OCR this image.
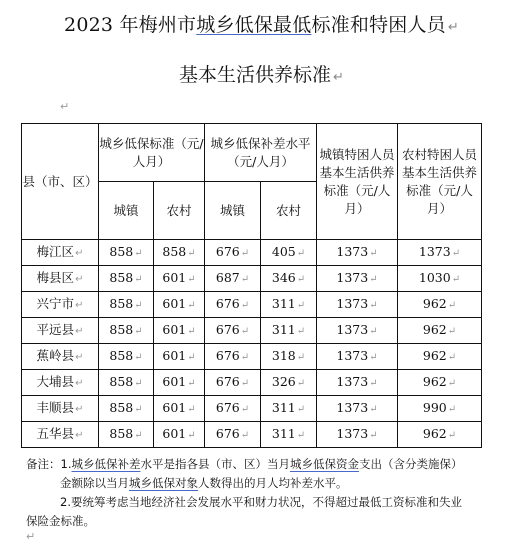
2023 年梅州市城乡低保最低标准和特困人员 ↵
基本生活供养标准 ↵
↵
县（市、区）	城乡低保标准（元/人月）		城乡低保补差水平（元/人月）		城镇特困人员基本生活供养标准（元/人月）	农村特困人员基本生活供养标准（元/人月）
	城镇	农村	城镇	农村		
梅江区↵	858↵	858↵	676↵	405↵	1373↵	1373↵
梅县区↵	858↵	601↵	687↵	346↵	1373↵	1030↵
兴宁市↵	858↵	601↵	676↵	311↵	1373↵	962↵
平远县↵	858↵	601↵	676↵	311↵	1373↵	962↵
蕉岭县↵	858↵	601↵	676↵	318↵	1373↵	962↵
大埔县↵	858↵	601↵	676↵	326↵	1373↵	962↵
丰顺县↵	858↵	601↵	676↵	311↵	1373↵	990↵
五华县↵	858↵	601↵	676↵	311↵	1373↵	962↵

备注：1.城乡低保补差水平是指各县（市、区）当月城乡低保资金支出（含分类施保）

金额除以当月城乡低保对象人数得出的月人均补差水平。

2.要统筹考虑当地经济社会发展水平和财力状况，不得超过最低工资标准和失业

保险金标准。

↵
